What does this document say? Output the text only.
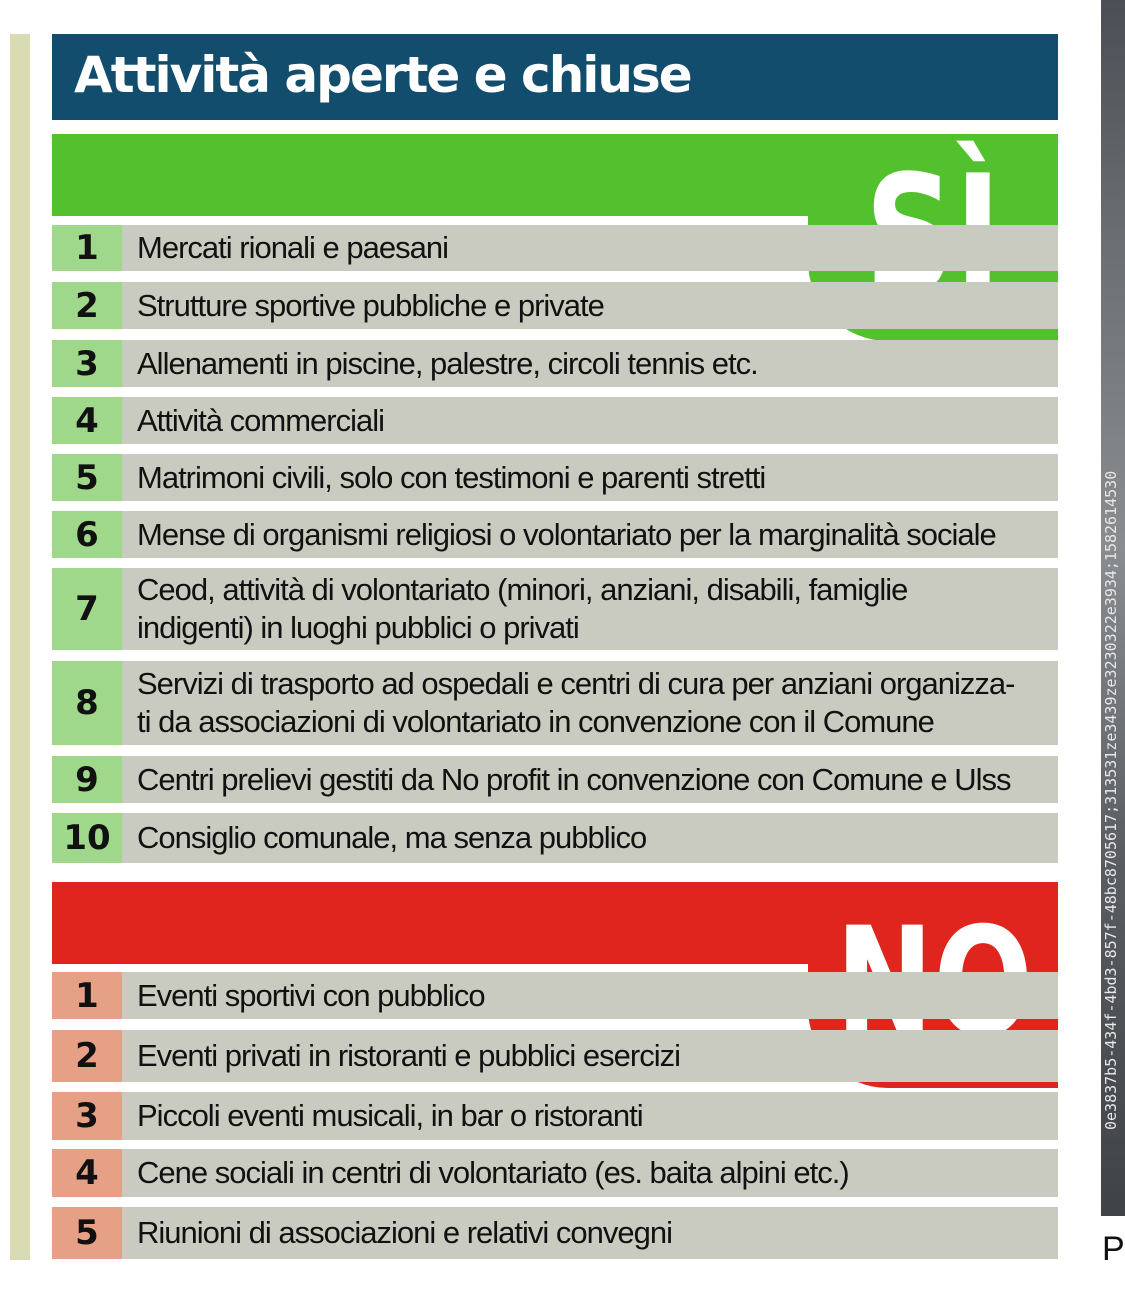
Attività aperte e chiuse
1	Mercati rionali e paesani
2	Strutture sportive pubbliche e private
3	Allenamenti in piscine, palestre, circoli tennis etc.
4	Attività commerciali
5	Matrimoni civili, solo con testimoni e parenti stretti
6	Mense di organismi religiosi o volontariato per la marginalità sociale
7	Ceod, attività di volontariato (minori, anziani, disabili, famiglie
indigenti) in luoghi pubblici o privati
8	Servizi di trasporto ad ospedali e centri di cura per anziani organizza-
ti da associazioni di volontariato in convenzione con il Comune
9	Centri prelievi gestiti da No profit in convenzione con Comune e Ulss
10 Consiglio comunale, ma senza pubblico
1	Eventi sportivi con pubblico
2	Eventi privati in ristoranti e pubblici esercizi
3	Piccoli eventi musicali, in bar o ristoranti
4	Cene sociali in centri di volontariato (es. baita alpini etc.)
5	Riunioni di associazioni e relativi convegni
0e3837b5-434f-4bd3-857f-48bc8705617;313531ze3439ze3230322e3934;1582614530
P
